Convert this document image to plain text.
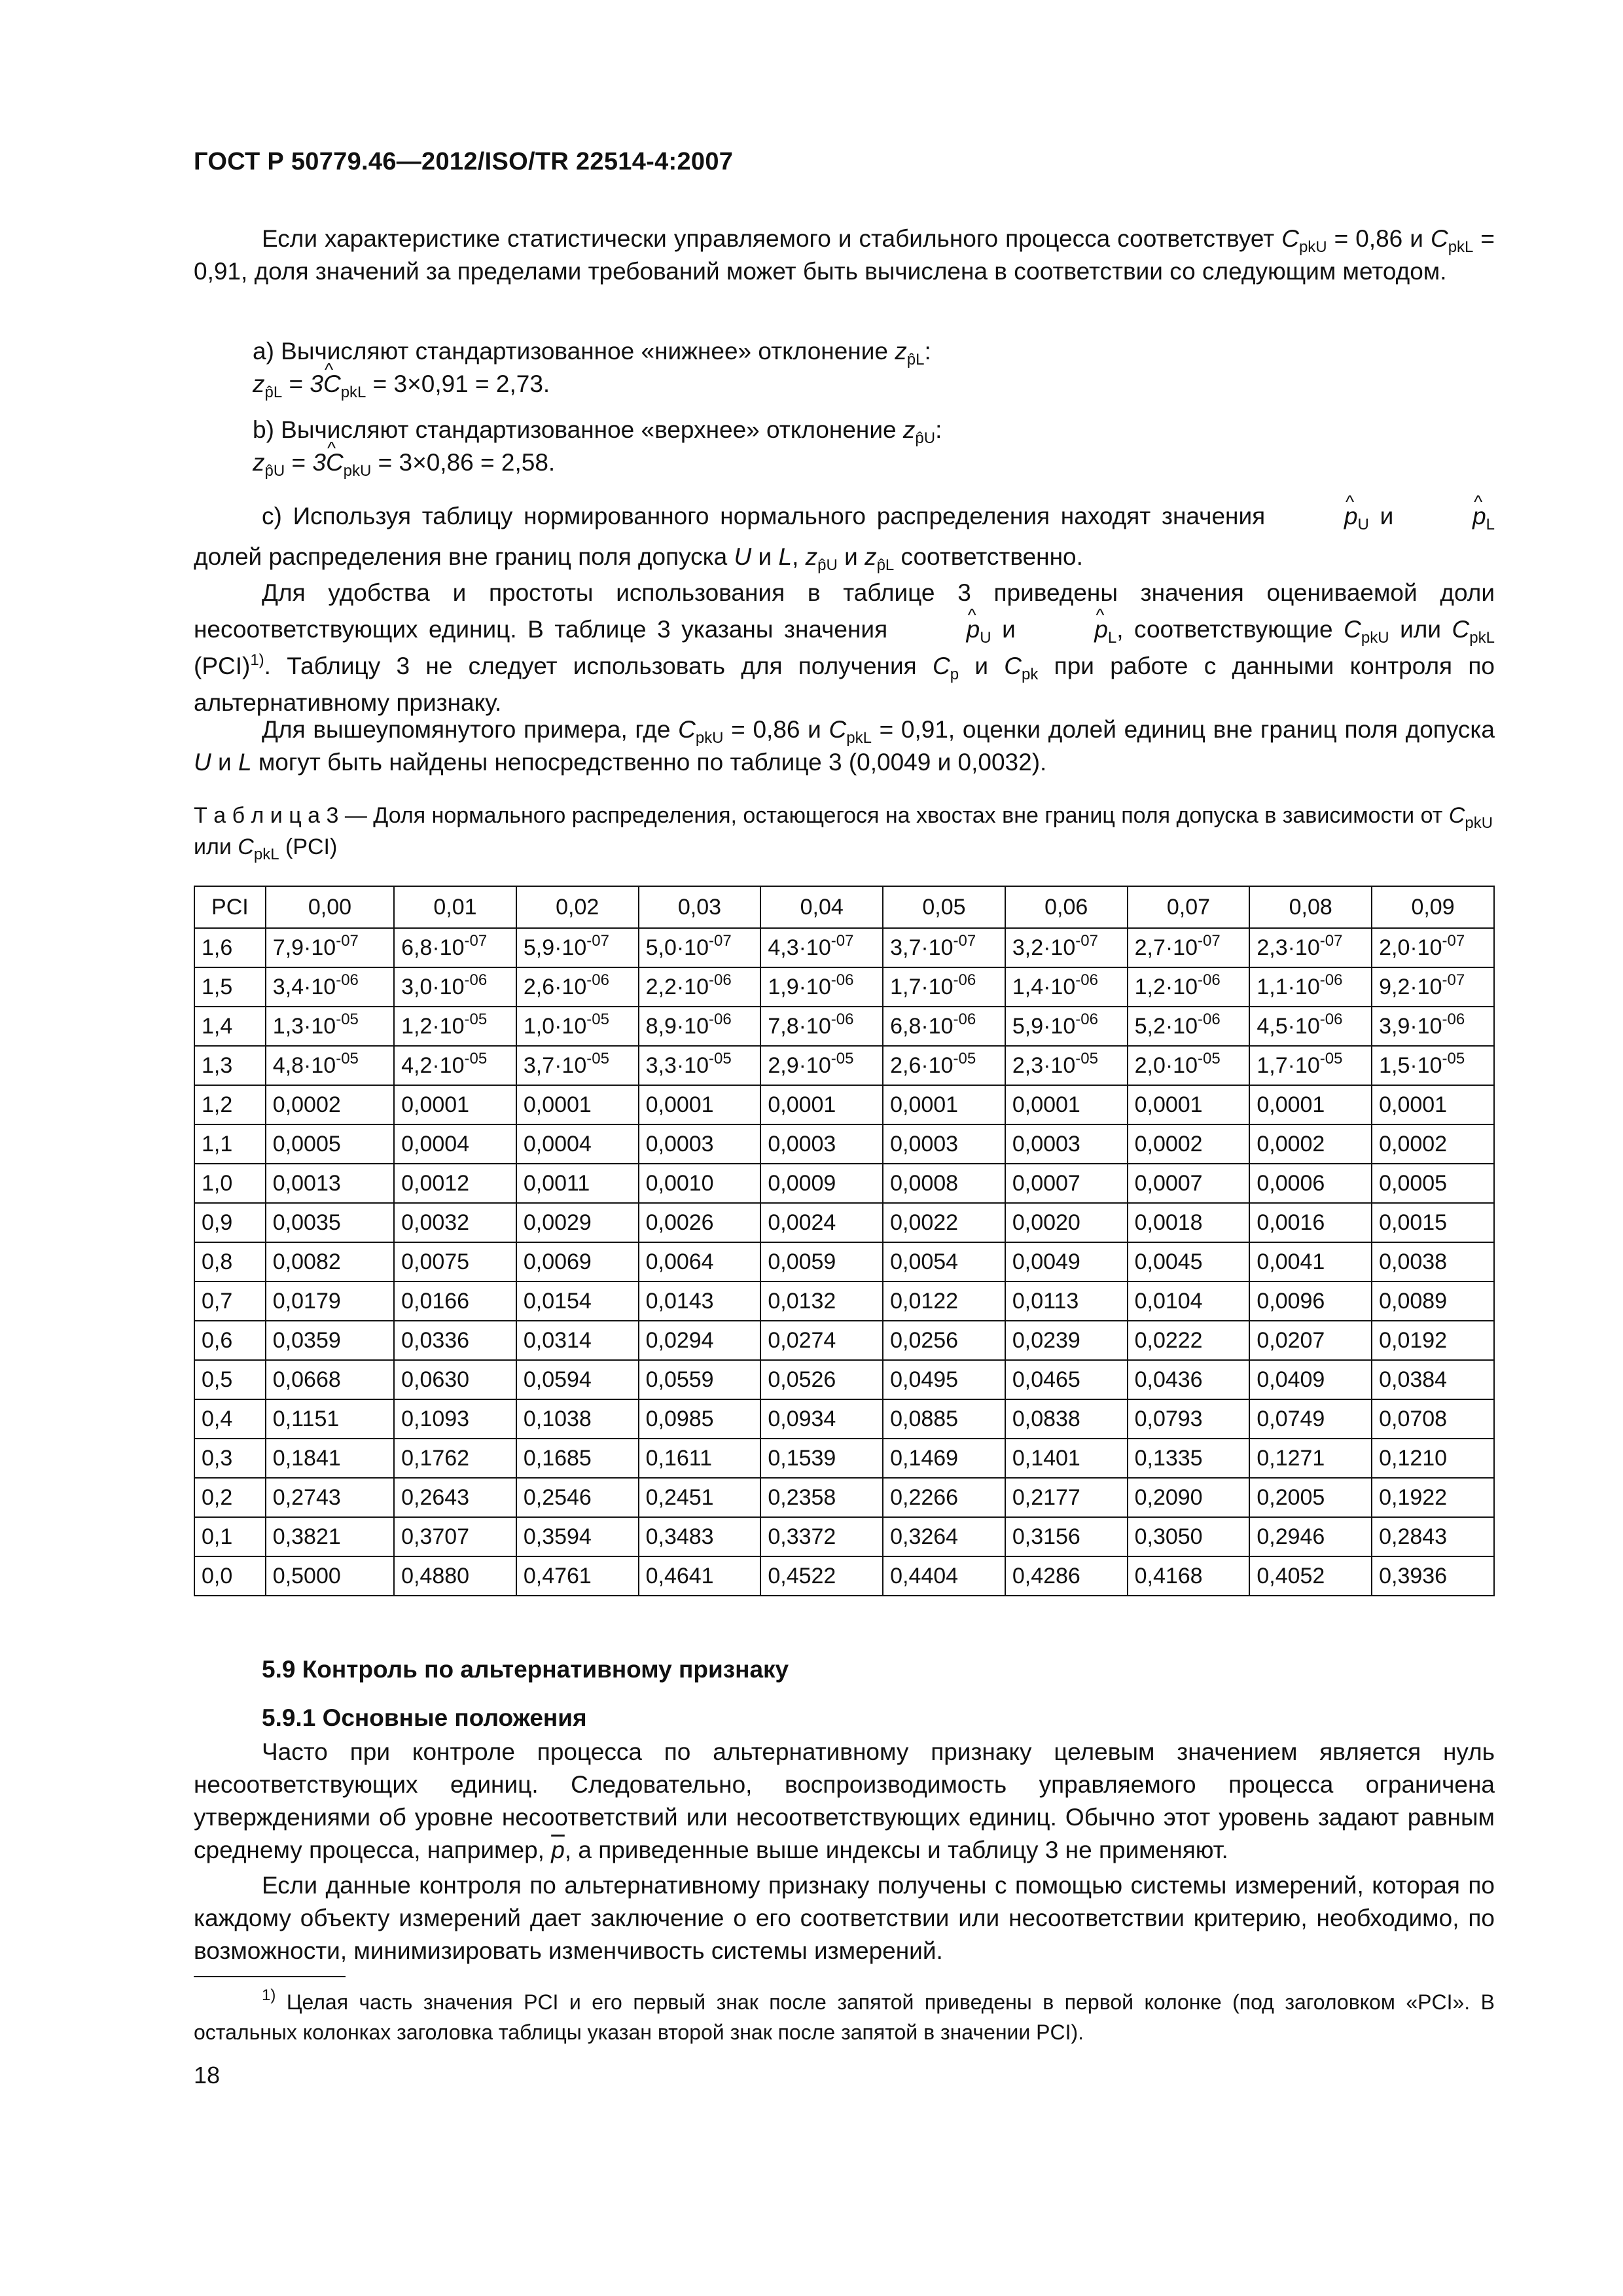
ГОСТ Р 50779.46—2012/ISO/TR 22514-4:2007
Если характеристике статистически управляемого и стабильного процесса соответствует $C_{pkU} = 0,86$ и $C_{pkL} = 0,91$, доля значений за пределами требований может быть вычислена в соответствии со следующим методом.
a) Вычисляют стандартизованное «нижнее» отклонение $z_{p̂L}$:
$z_{p̂L}$ = 3^ $C_{pkL} = 3\times 0,91 = 2,73$.
b) Вычисляют стандартизованное «верхнее» отклонение $z_{p̂U}$:
$z_{p̂U}$ = 3^ $C_{pkU} = 3\times 0,86 = 2,58$.
c) Используя таблицу нормированного нормального распределения находят значения	^ $p_U$ и	^ $p_L$ долей распределения вне границ поля допуска U и L, $z_{p̂U}$ и $z_{p̂L}$ соответственно.
Для удобства и простоты использования в таблице 3 приведены значения оцениваемой доли несоответствующих единиц. В таблице 3 указаны значения	^ $p_U$ и	^ $p_L$, соответствующие $C_{pkU}$ или $C_{pkL}$ (PCI)$^{1)}$. Таблицу 3 не следует использовать для получения $C_p$ и $C_{pk}$ при работе с данными контроля по альтернативному признаку.
Для вышеупомянутого примера, где $C_{pkU} = 0,86$ и $C_{pkL} = 0,91$, оценки долей единиц вне границ поля допуска U и L могут быть найдены непосредственно по таблице 3 (0,0049 и 0,0032).
Т а б л и ц а 3 — Доля нормального распределения, остающегося на хвостах вне границ поля допуска в зависимости от $C_{pkU}$ или $C_{pkL}$ (PCI)
PCI	0,00	0,01	0,02	0,03	0,04	0,05	0,06	0,07	0,08	0,09
1,6	$7,9\cdot 10^{-07}$	$6,8\cdot 10^{-07}$	$5,9\cdot 10^{-07}$	$5,0\cdot 10^{-07}$	$4,3\cdot 10^{-07}$	$3,7\cdot 10^{-07}$	$3,2\cdot 10^{-07}$	$2,7\cdot 10^{-07}$	$2,3\cdot 10^{-07}$	$2,0\cdot 10^{-07}$
1,5	$3,4\cdot 10^{-06}$	$3,0\cdot 10^{-06}$	$2,6\cdot 10^{-06}$	$2,2\cdot 10^{-06}$	$1,9\cdot 10^{-06}$	$1,7\cdot 10^{-06}$	$1,4\cdot 10^{-06}$	$1,2\cdot 10^{-06}$	$1,1\cdot 10^{-06}$	$9,2\cdot 10^{-07}$
1,4	$1,3\cdot 10^{-05}$	$1,2\cdot 10^{-05}$	$1,0\cdot 10^{-05}$	$8,9\cdot 10^{-06}$	$7,8\cdot 10^{-06}$	$6,8\cdot 10^{-06}$	$5,9\cdot 10^{-06}$	$5,2\cdot 10^{-06}$	$4,5\cdot 10^{-06}$	$3,9\cdot 10^{-06}$
1,3	$4,8\cdot 10^{-05}$	$4,2\cdot 10^{-05}$	$3,7\cdot 10^{-05}$	$3,3\cdot 10^{-05}$	$2,9\cdot 10^{-05}$	$2,6\cdot 10^{-05}$	$2,3\cdot 10^{-05}$	$2,0\cdot 10^{-05}$	$1,7\cdot 10^{-05}$	$1,5\cdot 10^{-05}$
1,2	0,0002	0,0001	0,0001	0,0001	0,0001	0,0001	0,0001	0,0001	0,0001	0,0001
1,1	0,0005	0,0004	0,0004	0,0003	0,0003	0,0003	0,0003	0,0002	0,0002	0,0002
1,0	0,0013	0,0012	0,0011	0,0010	0,0009	0,0008	0,0007	0,0007	0,0006	0,0005
0,9	0,0035	0,0032	0,0029	0,0026	0,0024	0,0022	0,0020	0,0018	0,0016	0,0015
0,8	0,0082	0,0075	0,0069	0,0064	0,0059	0,0054	0,0049	0,0045	0,0041	0,0038
0,7	0,0179	0,0166	0,0154	0,0143	0,0132	0,0122	0,0113	0,0104	0,0096	0,0089
0,6	0,0359	0,0336	0,0314	0,0294	0,0274	0,0256	0,0239	0,0222	0,0207	0,0192
0,5	0,0668	0,0630	0,0594	0,0559	0,0526	0,0495	0,0465	0,0436	0,0409	0,0384
0,4	0,1151	0,1093	0,1038	0,0985	0,0934	0,0885	0,0838	0,0793	0,0749	0,0708
0,3	0,1841	0,1762	0,1685	0,1611	0,1539	0,1469	0,1401	0,1335	0,1271	0,1210
0,2	0,2743	0,2643	0,2546	0,2451	0,2358	0,2266	0,2177	0,2090	0,2005	0,1922
0,1	0,3821	0,3707	0,3594	0,3483	0,3372	0,3264	0,3156	0,3050	0,2946	0,2843
0,0	0,5000	0,4880	0,4761	0,4641	0,4522	0,4404	0,4286	0,4168	0,4052	0,3936
5.9 Контроль по альтернативному признаку
5.9.1 Основные положения
Часто при контроле процесса по альтернативному признаку целевым значением является нуль несоответствующих единиц. Следовательно, воспроизводимость управляемого процесса ограничена утверждениями об уровне несоответствий или несоответствующих единиц. Обычно этот уровень задают равным среднему процесса, например, $\overline{p}$, а приведенные выше индексы и таблицу 3 не применяют.
Если данные контроля по альтернативному признаку получены с помощью системы измерений, которая по каждому объекту измерений дает заключение о его соответствии или несоответствии критерию, необходимо, по возможности, минимизировать изменчивость системы измерений.
$^{1)}$ Целая часть значения PCI и его первый знак после запятой приведены в первой колонке (под заголовком «PCI». В остальных колонках заголовка таблицы указан второй знак после запятой в значении PCI).
18
